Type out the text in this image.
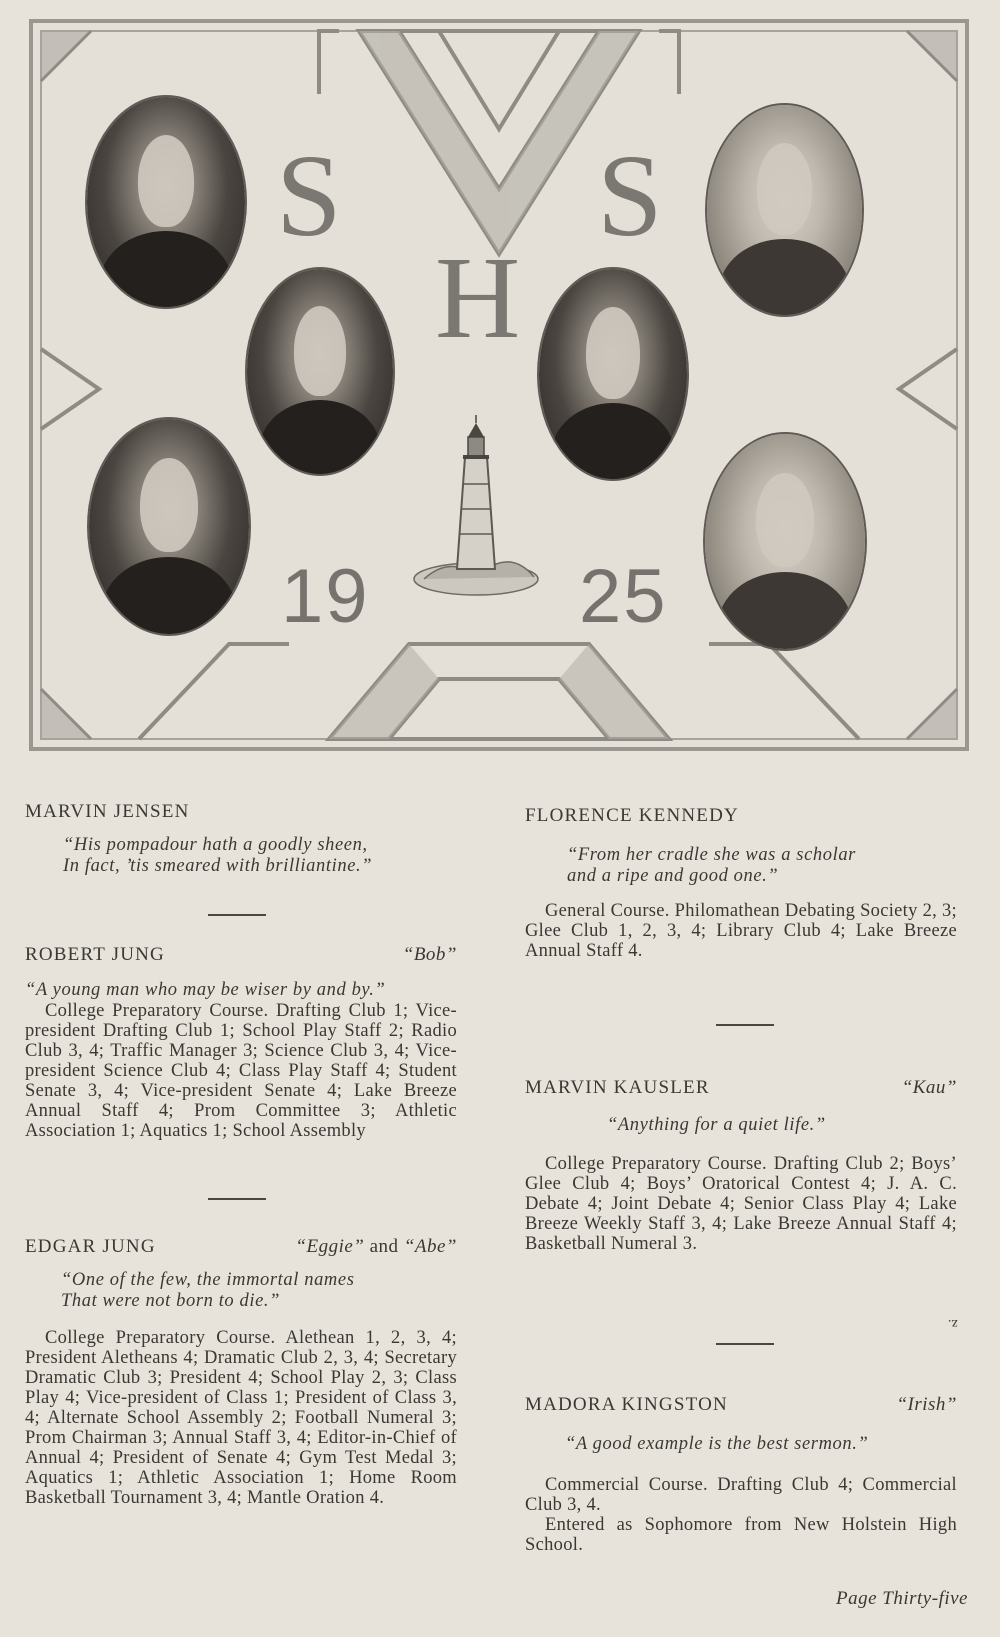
S S
H
19	25
MARVIN JENSEN
“His pompadour hath a goodly sheen,
In fact, ’tis smeared with brilliantine.”
ROBERT JUNG	“Bob”
“A young man who may be wiser by and by.”
College Preparatory Course. Drafting Club 1; Vice-president Drafting Club 1; School Play Staff 2; Radio Club 3, 4; Traffic Manager 3; Science Club 3, 4; Vice-president Science Club 4; Class Play Staff 4; Student Senate 3, 4; Vice-president Senate 4; Lake Breeze Annual Staff 4; Prom Committee 3; Athletic Association 1; Aquatics 1; School Assembly
EDGAR JUNG	“Eggie” and “Abe”
“One of the few, the immortal names
That were not born to die.”
College Preparatory Course. Alethean 1, 2, 3, 4; President Aletheans 4; Dramatic Club 2, 3, 4; Secretary Dramatic Club 3; President 4; School Play 2, 3; Class Play 4; Vice-president of Class 1; President of Class 3, 4; Alternate School Assembly 2; Football Numeral 3; Prom Chairman 3; Annual Staff 3, 4; Editor-in-Chief of Annual 4; President of Senate 4; Gym Test Medal 3; Aquatics 1; Athletic Association 1; Home Room Basketball Tournament 3, 4; Mantle Oration 4.
FLORENCE KENNEDY
“From her cradle she was a scholar
and a ripe and good one.”
General Course. Philomathean Debating Society 2, 3; Glee Club 1, 2, 3, 4; Library Club 4; Lake Breeze Annual Staff 4.
MARVIN KAUSLER	“Kau”
“Anything for a quiet life.”
College Preparatory Course. Drafting Club 2; Boys’ Glee Club 4; Boys’ Oratorical Contest 4; J. A. C. Debate 4; Joint Debate 4; Senior Class Play 4; Lake Breeze Weekly Staff 3, 4; Lake Breeze Annual Staff 4; Basketball Numeral 3.
z.
MADORA KINGSTON	“Irish”
“A good example is the best sermon.”
Commercial Course. Drafting Club 4; Commercial Club 3, 4.
Entered as Sophomore from New Holstein High School.
Page Thirty-five
